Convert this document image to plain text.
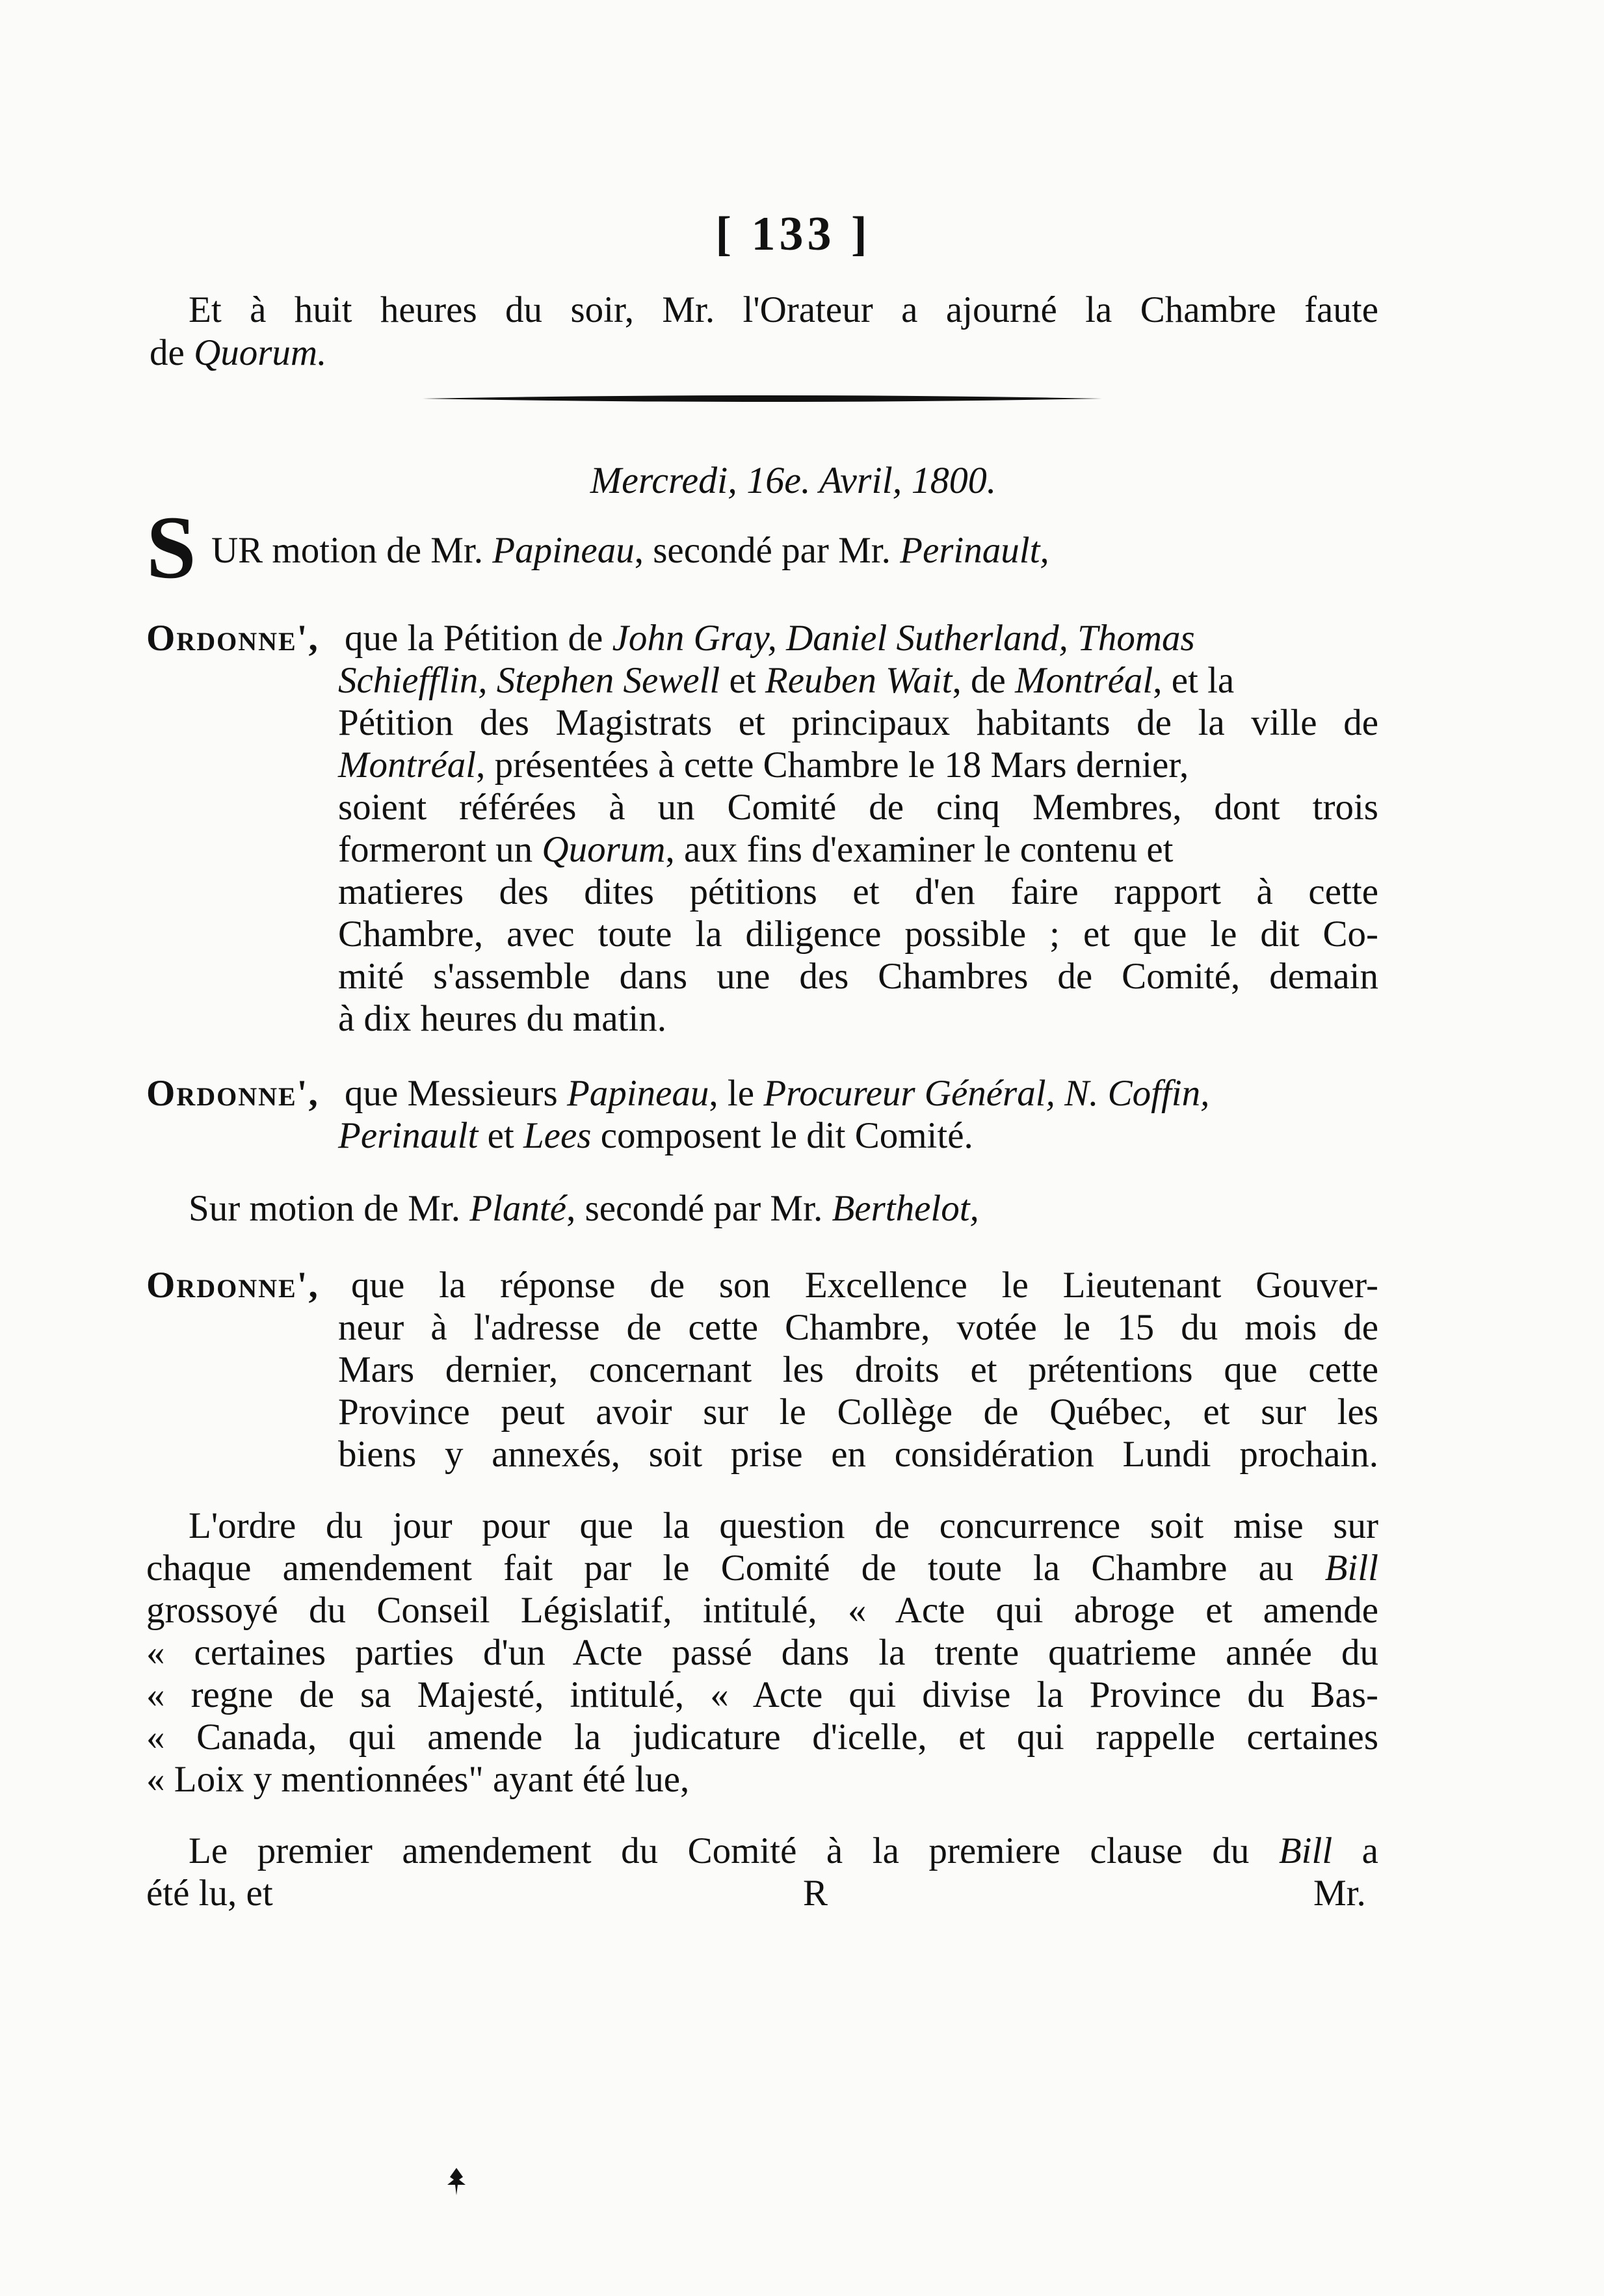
[ 133 ]
Et à huit heures du soir, Mr. l'Orateur a ajourné la Chambre faute
de Quorum.
Mercredi, 16e. Avril, 1800.
S UR motion de Mr. Papineau, secondé par Mr. Perinault,
Ordonne', que la Pétition de John Gray, Daniel Sutherland, Thomas
Schiefflin, Stephen Sewell et Reuben Wait, de Montréal, et la
Pétition des Magistrats et principaux habitants de la ville de
Montréal, présentées à cette Chambre le 18 Mars dernier,
soient référées à un Comité de cinq Membres, dont trois
formeront un Quorum, aux fins d'examiner le contenu et
matieres des dites pétitions et d'en faire rapport à cette
Chambre, avec toute la diligence possible ; et que le dit Co-
mité s'assemble dans une des Chambres de Comité, demain
à dix heures du matin.
Ordonne', que Messieurs Papineau, le Procureur Général, N. Coffin,
Perinault et Lees composent le dit Comité.
Sur motion de Mr. Planté, secondé par Mr. Berthelot,
Ordonne', que la réponse de son Excellence le Lieutenant Gouver-
neur à l'adresse de cette Chambre, votée le 15 du mois de
Mars dernier, concernant les droits et prétentions que cette
Province peut avoir sur le Collège de Québec, et sur les
biens y annexés, soit prise en considération Lundi prochain.
L'ordre du jour pour que la question de concurrence soit mise sur
chaque amendement fait par le Comité de toute la Chambre au Bill
grossoyé du Conseil Législatif, intitulé, « Acte qui abroge et amende
« certaines parties d'un Acte passé dans la trente quatrieme année du
« regne de sa Majesté, intitulé, « Acte qui divise la Province du Bas-
« Canada, qui amende la judicature d'icelle, et qui rappelle certaines
« Loix y mentionnées" ayant été lue,
Le premier amendement du Comité à la premiere clause du Bill a
été lu, et	R	Mr.
